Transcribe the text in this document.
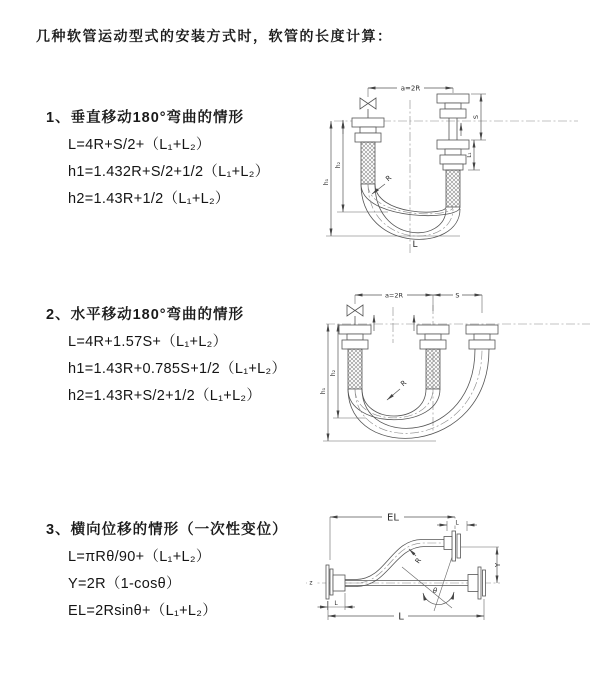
几种软管运动型式的安装方式时，软管的长度计算：
1、垂直移动180°弯曲的情形
L=4R+S/2+（L₁+L₂）
h1=1.432R+S/2+1/2（L₁+L₂）
h2=1.43R+1/2（L₁+L₂）
2、水平移动180°弯曲的情形
L=4R+1.57S+（L₁+L₂）
h1=1.43R+0.785S+1/2（L₁+L₂）
h2=1.43R+S/2+1/2（L₁+L₂）
3、横向位移的情形（一次性变位）
L=πRθ/90+（L₁+L₂）
Y=2R（1-cosθ）
EL=2Rsinθ+（L₁+L₂）
a=2R
S
L₁
h₂
h₁	R
L
a=2R	S
h₂
h₁
R
EL	L
Y
z
L
L
θ
R
